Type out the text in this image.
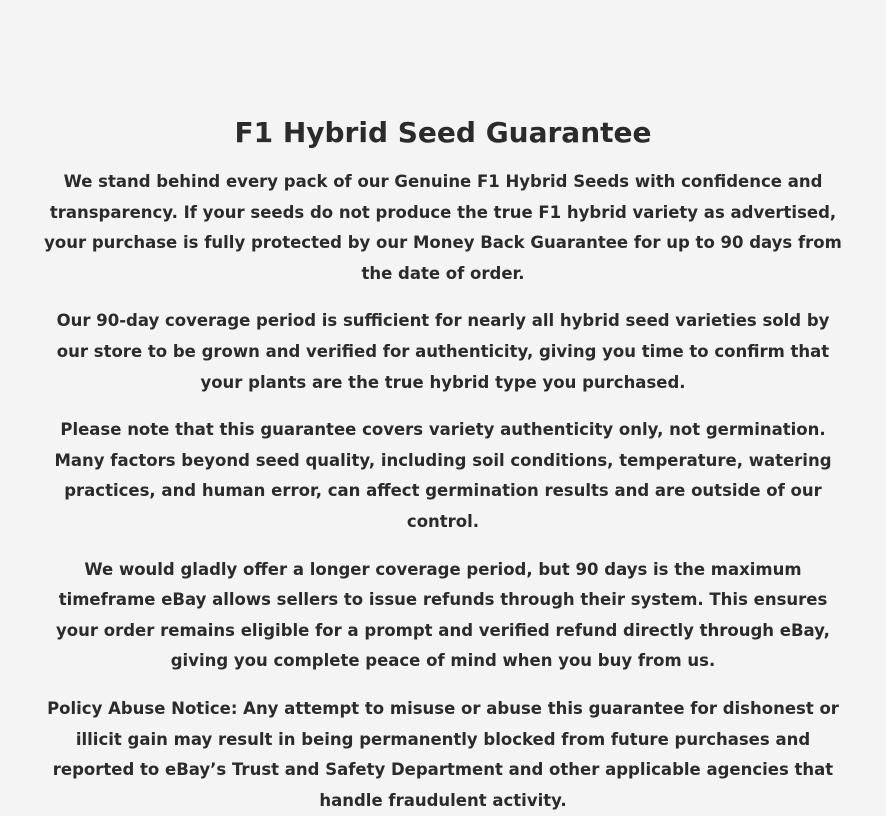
F1 Hybrid Seed Guarantee

We stand behind every pack of our Genuine F1 Hybrid Seeds with confidence and transparency. If your seeds do not produce the true F1 hybrid variety as advertised, your purchase is fully protected by our Money Back Guarantee for up to 90 days from the date of order.

Our 90-day coverage period is sufficient for nearly all hybrid seed varieties sold by our store to be grown and verified for authenticity, giving you time to confirm that your plants are the true hybrid type you purchased.

Please note that this guarantee covers variety authenticity only, not germination. Many factors beyond seed quality, including soil conditions, temperature, watering practices, and human error, can affect germination results and are outside of our control.

We would gladly offer a longer coverage period, but 90 days is the maximum timeframe eBay allows sellers to issue refunds through their system. This ensures your order remains eligible for a prompt and verified refund directly through eBay, giving you complete peace of mind when you buy from us.

Policy Abuse Notice: Any attempt to misuse or abuse this guarantee for dishonest or illicit gain may result in being permanently blocked from future purchases and reported to eBay’s Trust and Safety Department and other applicable agencies that handle fraudulent activity.
